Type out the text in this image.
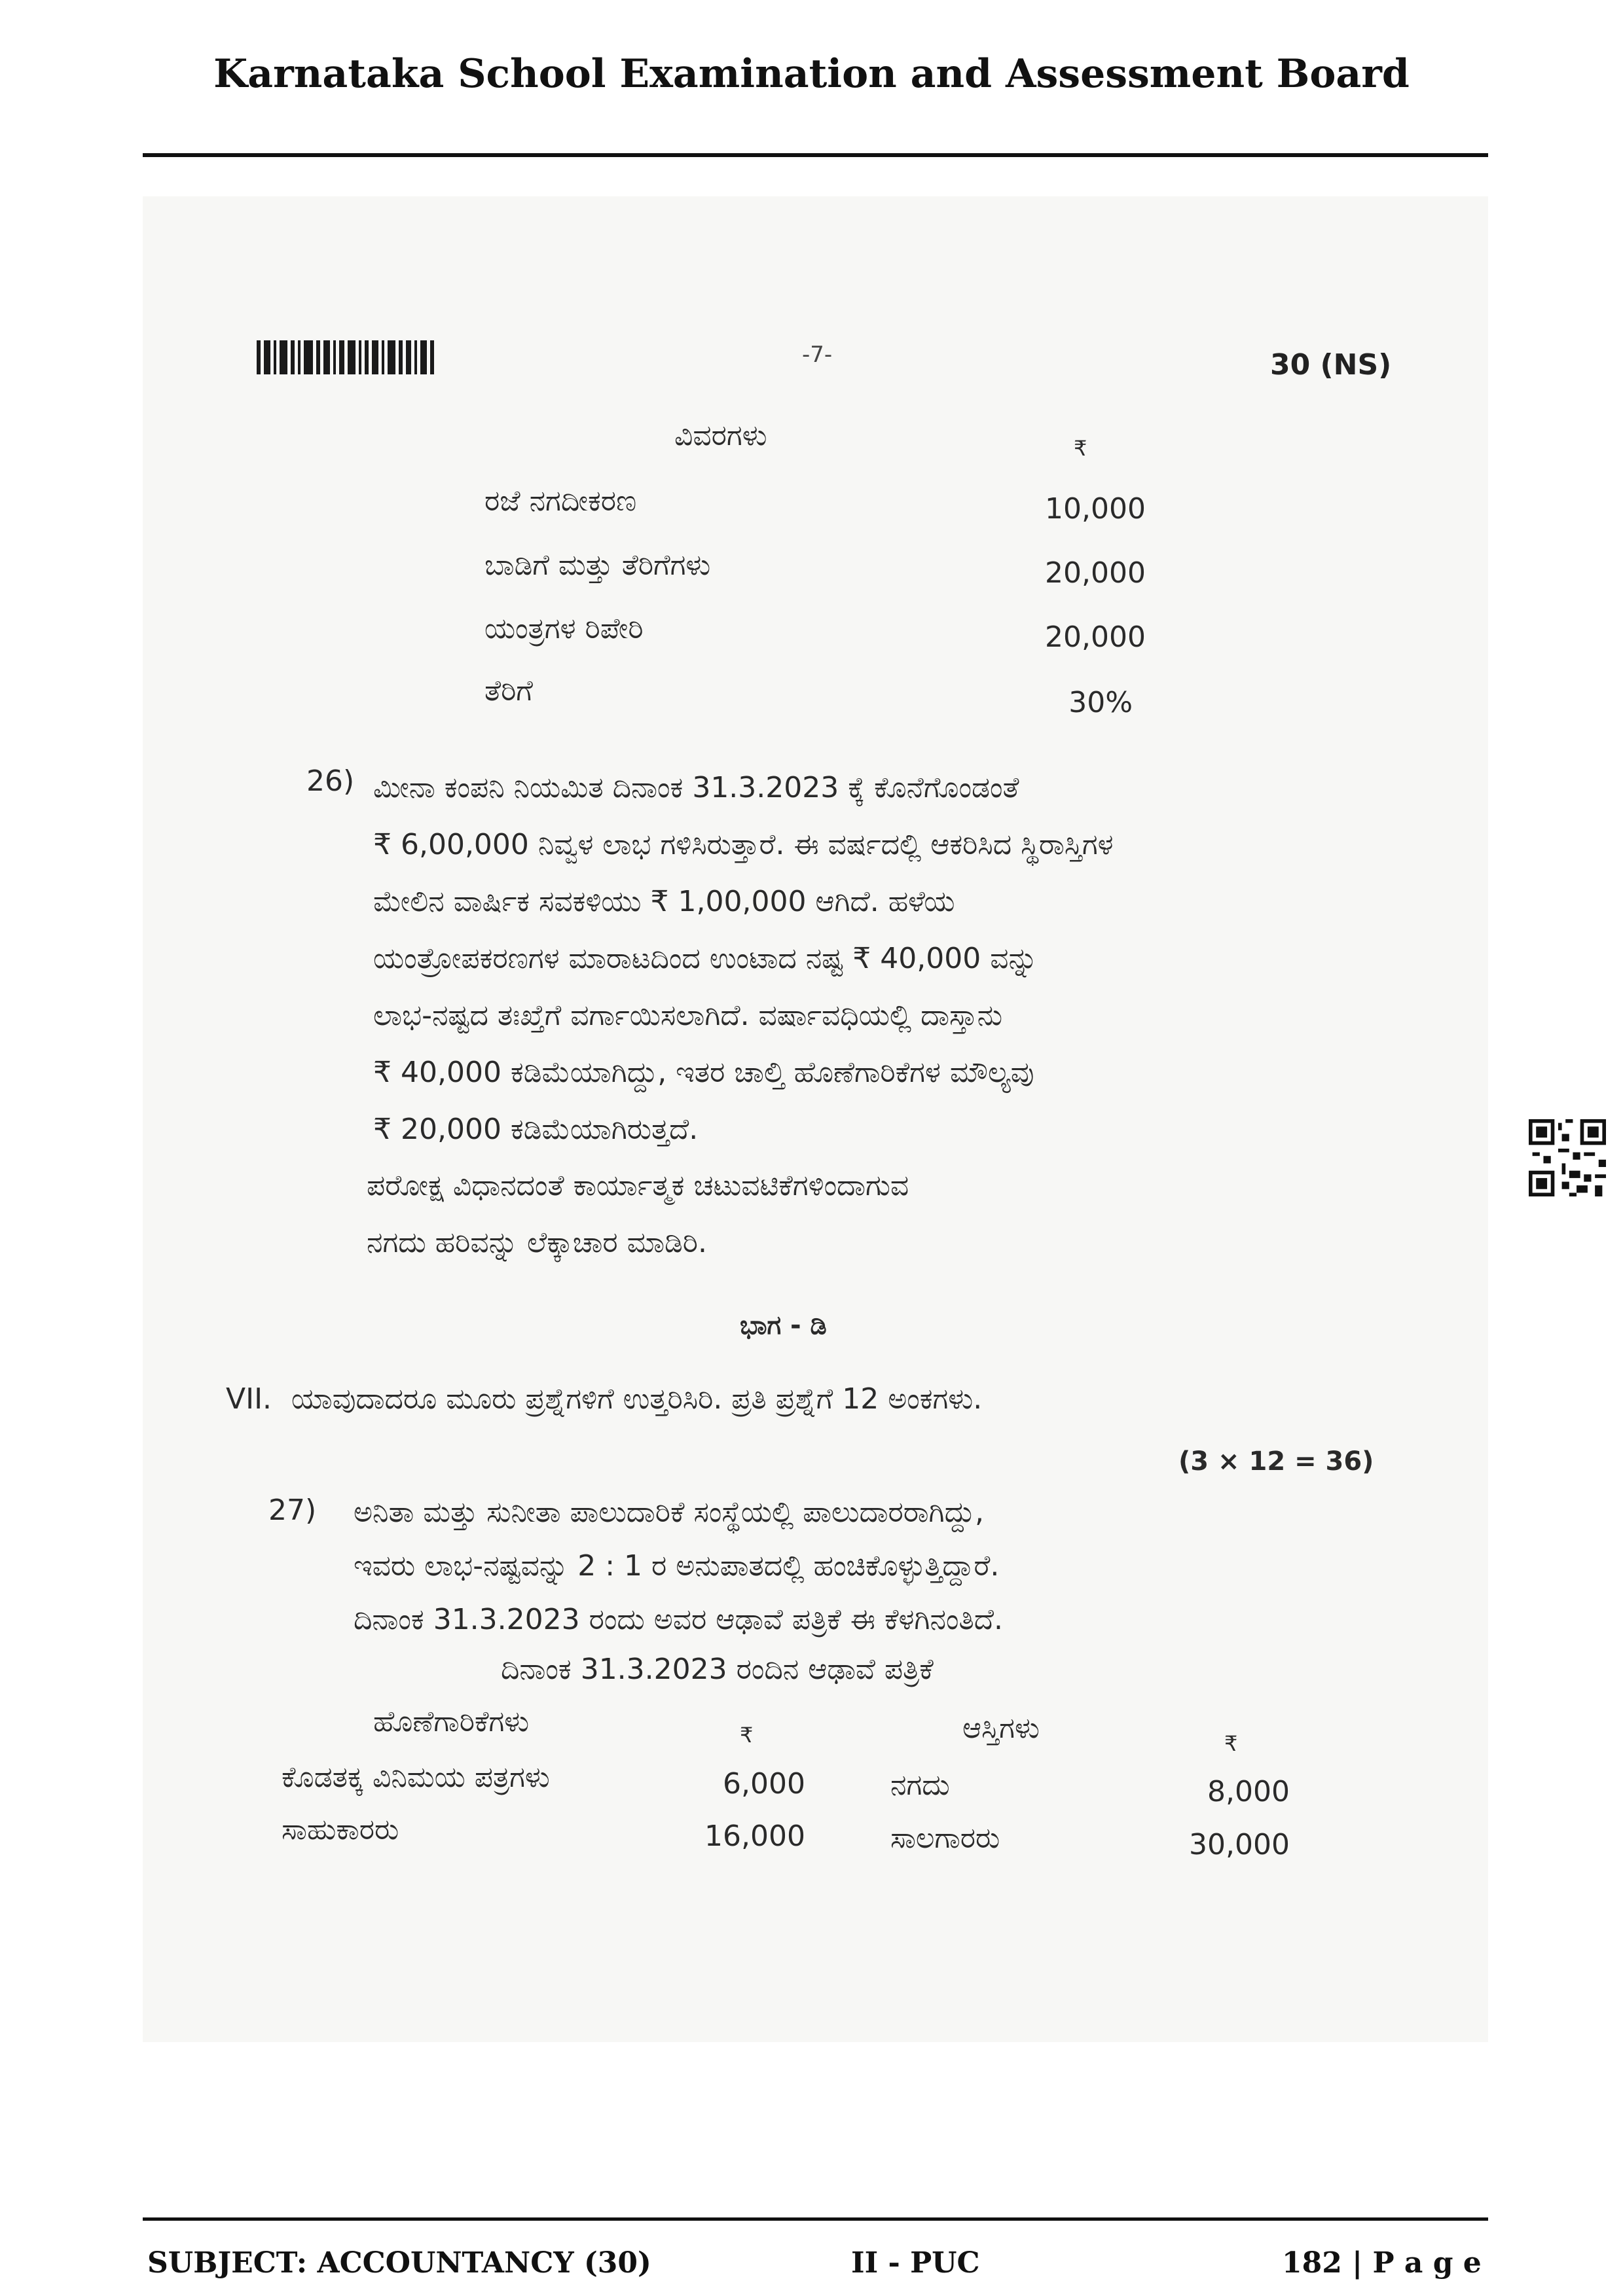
Karnataka School Examination and Assessment Board
-7-	30 (NS)
ವಿವರಗಳು	₹
ರಜೆ ನಗದೀಕರಣ	10,000
ಬಾಡಿಗೆ ಮತ್ತು ತೆರಿಗೆಗಳು	20,000
ಯಂತ್ರಗಳ ರಿಪೇರಿ	20,000
ತೆರಿಗೆ	30%
26) ಮೀನಾ ಕಂಪನಿ ನಿಯಮಿತ ದಿನಾಂಕ 31.3.2023 ಕ್ಕೆ ಕೊನೆಗೊಂಡಂತೆ
₹ 6,00,000 ನಿವ್ವಳ ಲಾಭ ಗಳಿಸಿರುತ್ತಾರೆ. ಈ ವರ್ಷದಲ್ಲಿ ಆಕರಿಸಿದ ಸ್ಥಿರಾಸ್ತಿಗಳ
ಮೇಲಿನ ವಾರ್ಷಿಕ ಸವಕಳಿಯು ₹ 1,00,000 ಆಗಿದೆ. ಹಳೆಯ
ಯಂತ್ರೋಪಕರಣಗಳ ಮಾರಾಟದಿಂದ ಉಂಟಾದ ನಷ್ಟ ₹ 40,000 ವನ್ನು
ಲಾಭ-ನಷ್ಟದ ತಃಖ್ತೆಗೆ ವರ್ಗಾಯಿಸಲಾಗಿದೆ. ವರ್ಷಾವಧಿಯಲ್ಲಿ ದಾಸ್ತಾನು
₹ 40,000 ಕಡಿಮೆಯಾಗಿದ್ದು, ಇತರ ಚಾಲ್ತಿ ಹೊಣೆಗಾರಿಕೆಗಳ ಮೌಲ್ಯವು
₹ 20,000 ಕಡಿಮೆಯಾಗಿರುತ್ತದೆ.
ಪರೋಕ್ಷ ವಿಧಾನದಂತೆ ಕಾರ್ಯಾತ್ಮಕ ಚಟುವಟಿಕೆಗಳಿಂದಾಗುವ
ನಗದು ಹರಿವನ್ನು ಲೆಕ್ಕಾಚಾರ ಮಾಡಿರಿ.
ಭಾಗ - ಡಿ
VII. ಯಾವುದಾದರೂ ಮೂರು ಪ್ರಶ್ನೆಗಳಿಗೆ ಉತ್ತರಿಸಿರಿ. ಪ್ರತಿ ಪ್ರಶ್ನೆಗೆ 12 ಅಂಕಗಳು.
(3 × 12 = 36)
27) ಅನಿತಾ ಮತ್ತು ಸುನೀತಾ ಪಾಲುದಾರಿಕೆ ಸಂಸ್ಥೆಯಲ್ಲಿ ಪಾಲುದಾರರಾಗಿದ್ದು,
ಇವರು ಲಾಭ-ನಷ್ಟವನ್ನು 2 : 1 ರ ಅನುಪಾತದಲ್ಲಿ ಹಂಚಿಕೊಳ್ಳುತ್ತಿದ್ದಾರೆ.
ದಿನಾಂಕ 31.3.2023 ರಂದು ಅವರ ಆಢಾವೆ ಪತ್ರಿಕೆ ಈ ಕೆಳಗಿನಂತಿದೆ.
ದಿನಾಂಕ 31.3.2023 ರಂದಿನ ಆಢಾವೆ ಪತ್ರಿಕೆ
ಹೊಣೆಗಾರಿಕೆಗಳು	₹	ಆಸ್ತಿಗಳು	₹
ಕೊಡತಕ್ಕ ವಿನಿಮಯ ಪತ್ರಗಳು	6,000	ನಗದು	8,000
ಸಾಹುಕಾರರು	16,000	ಸಾಲಗಾರರು	30,000
SUBJECT: ACCOUNTANCY (30)	II - PUC	182 | P a g e
